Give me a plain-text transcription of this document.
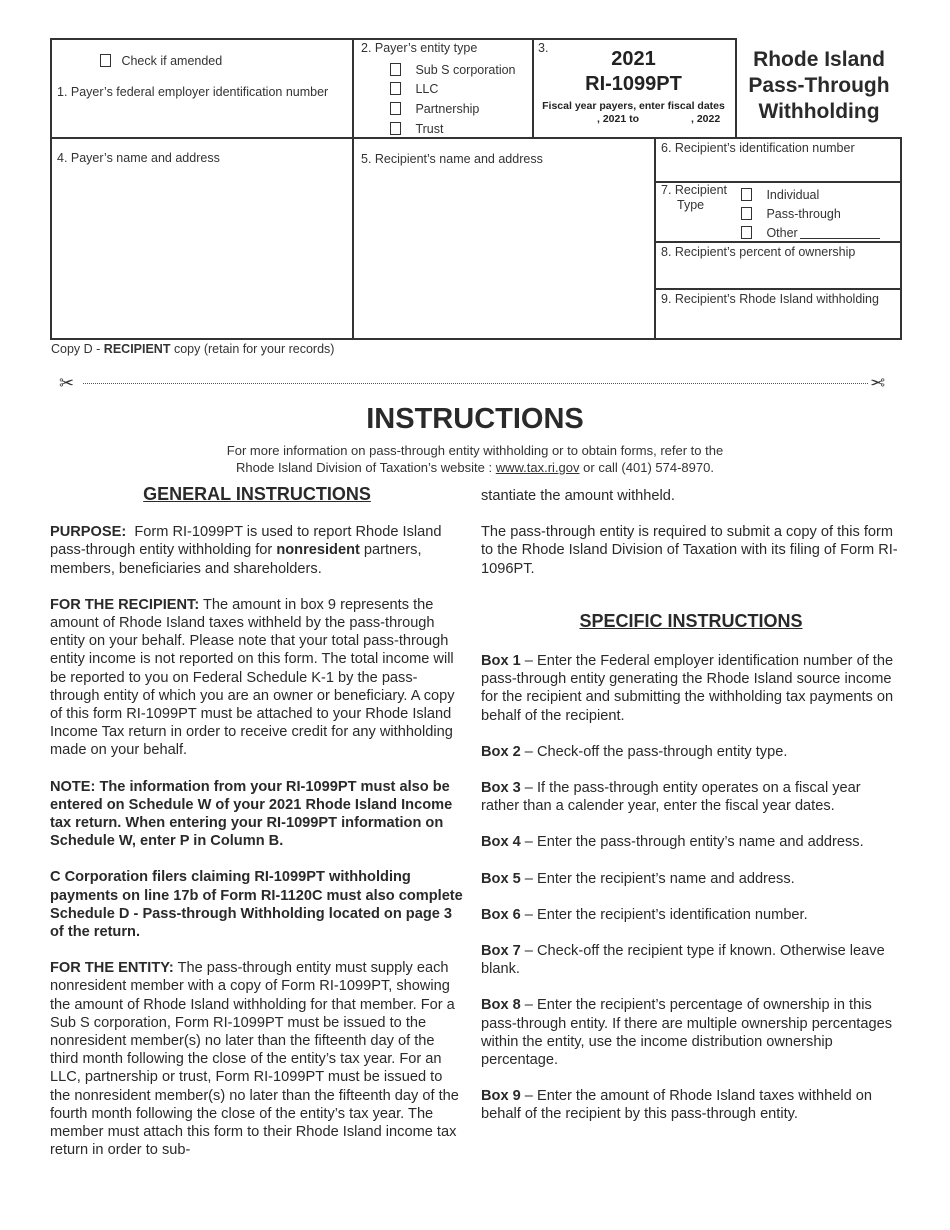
Check if amended
1. Payer’s federal employer identification number
2. Payer’s entity type
Sub S corporation
LLC
Partnership
Trust
3.	2021
RI-1099PT
Fiscal year payers, enter fiscal dates
, 2021 to	, 2022
Rhode Island
Pass-Through
Withholding
4. Payer’s name and address	5. Recipient’s name and address
6. Recipient’s identification number
7. Recipient
Type
Individual
Pass-through
Other
8. Recipient’s percent of ownership
9. Recipient’s Rhode Island withholding
Copy D - RECIPIENT copy (retain for your records)
✂	✂
INSTRUCTIONS
For more information on pass-through entity withholding or to obtain forms, refer to the
Rhode Island Division of Taxation’s website : www.tax.ri.gov or call (401) 574-8970.
GENERAL INSTRUCTIONS

PURPOSE:  Form RI-1099PT is used to report Rhode Island pass-through entity withholding for nonresident partners, members, beneficiaries and shareholders.

FOR THE RECIPIENT: The amount in box 9 represents the amount of Rhode Island taxes withheld by the pass-through entity on your behalf. Please note that your total pass-through entity income is not reported on this form. The total income will be reported to you on Federal Schedule K-1 by the pass-through entity of which you are an owner or beneficiary. A copy of this form RI-1099PT must be attached to your Rhode Island Income Tax return in order to receive credit for any withholding made on your behalf.

NOTE: The information from your RI-1099PT must also be entered on Schedule W of your 2021 Rhode Island Income tax return. When entering your RI-1099PT information on Schedule W, enter P in Column B.

C Corporation filers claiming RI-1099PT withholding payments on line 17b of Form RI-1120C must also complete Schedule D - Pass-through Withholding located on page 3 of the return.

FOR THE ENTITY: The pass-through entity must supply each nonresident member with a copy of Form RI-1099PT, showing the amount of Rhode Island withholding for that member. For a Sub S corporation, Form RI-1099PT must be issued to the nonresident member(s) no later than the fifteenth day of the third month following the close of the entity’s tax year. For an LLC, partnership or trust, Form RI-1099PT must be issued to the nonresident member(s) no later than the fifteenth day of the fourth month following the close of the entity’s tax year. The member must attach this form to their Rhode Island income tax return in order to sub-

stantiate the amount withheld.

The pass-through entity is required to submit a copy of this form to the Rhode Island Division of Taxation with its filing of Form RI-1096PT.

SPECIFIC INSTRUCTIONS

Box 1 – Enter the Federal employer identification number of the pass-through entity generating the Rhode Island source income for the recipient and submitting the withholding tax payments on behalf of the recipient.

Box 2 – Check-off the pass-through entity type.

Box 3 – If the pass-through entity operates on a fiscal year rather than a calender year, enter the fiscal year dates.

Box 4 – Enter the pass-through entity’s name and address.

Box 5 – Enter the recipient’s name and address.

Box 6 – Enter the recipient’s identification number.

Box 7 – Check-off the recipient type if known. Otherwise leave blank.

Box 8 – Enter the recipient’s percentage of ownership in this pass-through entity. If there are multiple ownership percentages within the entity, use the income distribution ownership percentage.

Box 9 – Enter the amount of Rhode Island taxes withheld on behalf of the recipient by this pass-through entity.
